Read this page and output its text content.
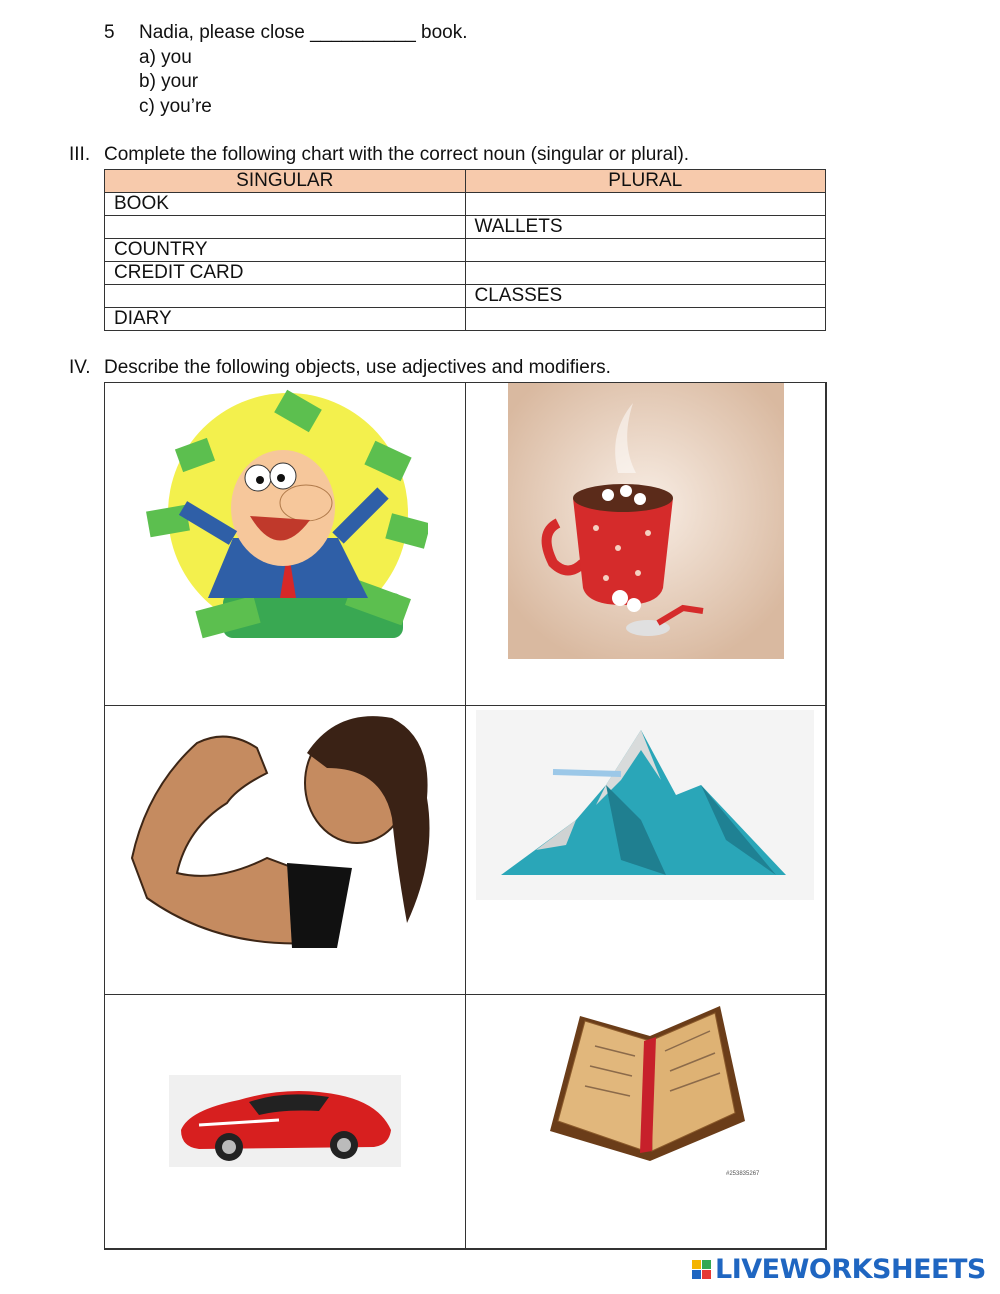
5 Nadia, please close __________ book.
a) you
b) your
c) you’re
III. Complete the following chart with the correct noun (singular or plural).
SINGULAR	PLURAL
BOOK	
	WALLETS
COUNTRY	
CREDIT CARD	
	CLASSES
DIARY	
IV. Describe the following objects, use adjectives and modifiers.
#253835267
LIVEWORKSHEETS
